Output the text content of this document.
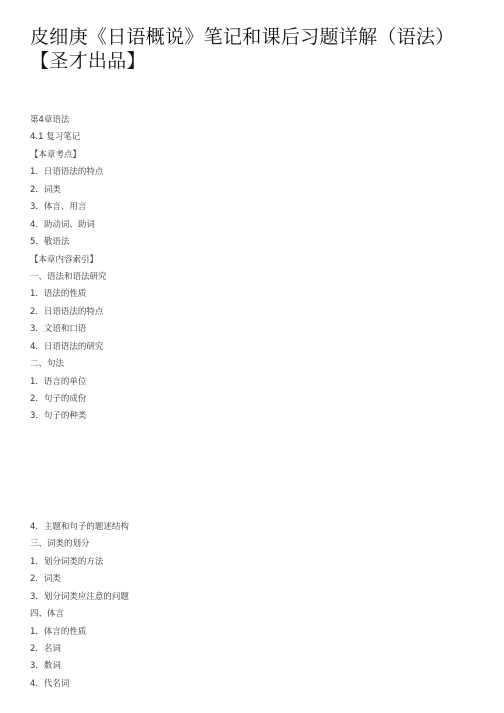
皮细庚《日语概说》笔记和课后习题详解（语法）【圣才出品】
第4章语法
4.1 复习笔记
【本章考点】
1．日语语法的特点
2．词类
3．体言、用言
4．助动词、助词
5．敬语法
【本章内容索引】
一、语法和语法研究
1．语法的性质
2．日语语法的特点
3．文语和口语
4．日语语法的研究
二、句法
1．语言的单位
2．句子的成份
3．句子的种类
4．主题和句子的题述结构
三、词类的划分
1．划分词类的方法
2．词类
3．划分词类应注意的问题
四、体言
1．体言的性质
2．名词
3．数词
4．代名词
